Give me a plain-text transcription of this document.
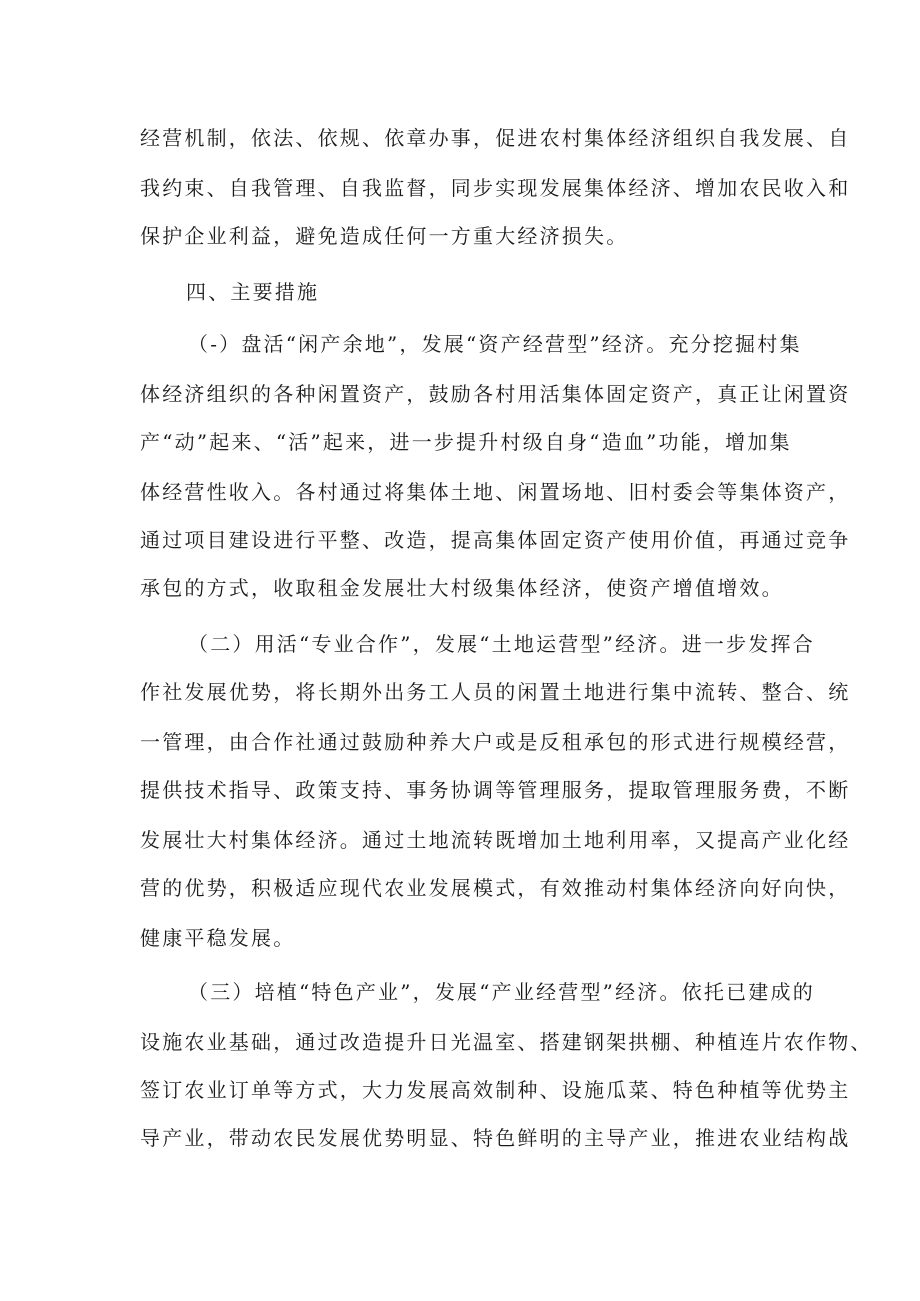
经营机制，依法、依规、依章办事，促进农村集体经济组织自我发展、自
我约束、自我管理、自我监督，同步实现发展集体经济、增加农民收入和
保护企业利益，避免造成任何一方重大经济损失。
四、主要措施
（-）盘活“闲产余地”，发展“资产经营型”经济。充分挖掘村集
体经济组织的各种闲置资产，鼓励各村用活集体固定资产，真正让闲置资
产“动”起来、“活”起来，进一步提升村级自身“造血”功能，增加集
体经营性收入。各村通过将集体土地、闲置场地、旧村委会等集体资产，
通过项目建设进行平整、改造，提高集体固定资产使用价值，再通过竞争
承包的方式，收取租金发展壮大村级集体经济，使资产增值增效。
（二）用活“专业合作”，发展“土地运营型”经济。进一步发挥合
作社发展优势，将长期外出务工人员的闲置土地进行集中流转、整合、统
一管理，由合作社通过鼓励种养大户或是反租承包的形式进行规模经营，
提供技术指导、政策支持、事务协调等管理服务，提取管理服务费，不断
发展壮大村集体经济。通过土地流转既增加土地利用率，又提高产业化经
营的优势，积极适应现代农业发展模式，有效推动村集体经济向好向快，
健康平稳发展。
（三）培植“特色产业”，发展“产业经营型”经济。依托已建成的
设施农业基础，通过改造提升日光温室、搭建钢架拱棚、种植连片农作物、
签订农业订单等方式，大力发展高效制种、设施瓜菜、特色种植等优势主
导产业，带动农民发展优势明显、特色鲜明的主导产业，推进农业结构战
